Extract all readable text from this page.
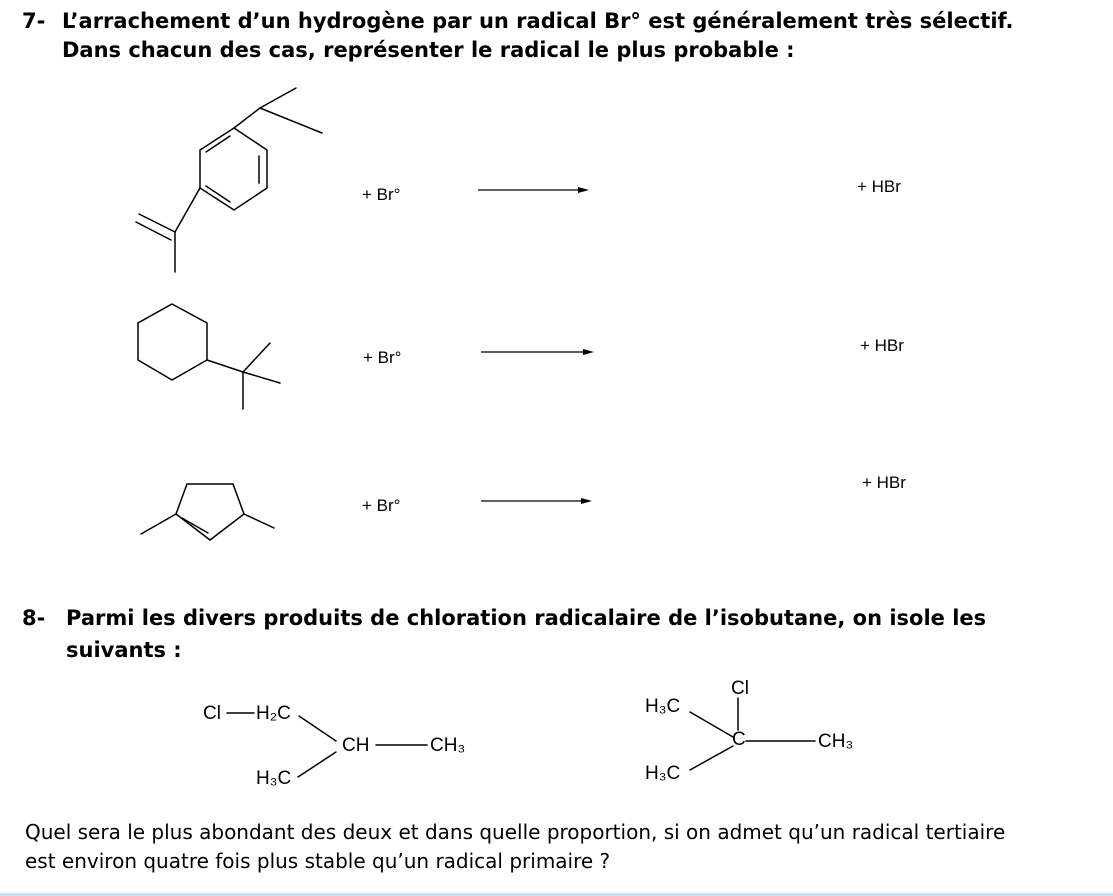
7- L’arrachement d’un hydrogène par un radical Br° est généralement très sélectif.
Dans chacun des cas, représenter le radical le plus probable :
+ Br°	+ HBr
+ Br°
+ HBr
+ Br°
+ HBr
8- Parmi les divers produits de chloration radicalaire de l’isobutane, on isole les
suivants :
Cl H₂C
CH	CH₃
H₃C
Cl
H₃C
C	CH₃
H₃C
Quel sera le plus abondant des deux et dans quelle proportion, si on admet qu’un radical tertiaire
est environ quatre fois plus stable qu’un radical primaire ?
